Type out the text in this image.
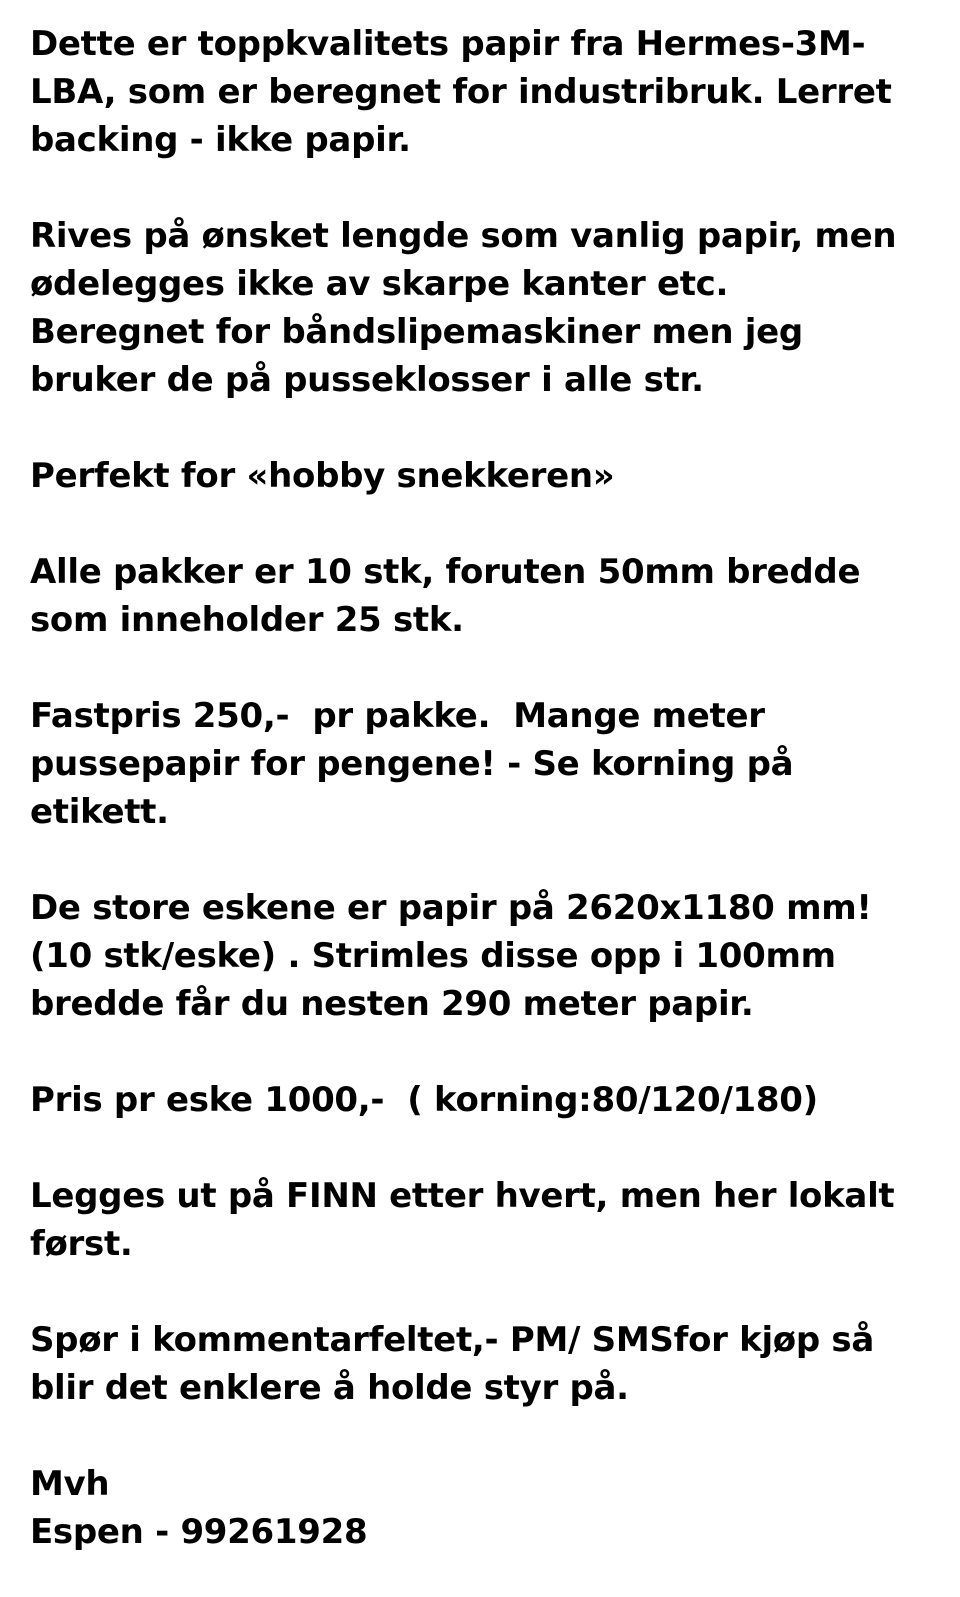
Dette er toppkvalitets papir fra Hermes-3M-
LBA, som er beregnet for industribruk. Lerret
backing - ikke papir.
Rives på ønsket lengde som vanlig papir, men
ødelegges ikke av skarpe kanter etc.
Beregnet for båndslipemaskiner men jeg
bruker de på pusseklosser i alle str.
Perfekt for «hobby snekkeren»
Alle pakker er 10 stk, foruten 50mm bredde
som inneholder 25 stk.
Fastpris 250,-  pr pakke.  Mange meter
pussepapir for pengene! - Se korning på
etikett.
De store eskene er papir på 2620x1180 mm!
(10 stk/eske) . Strimles disse opp i 100mm
bredde får du nesten 290 meter papir.
Pris pr eske 1000,-  ( korning:80/120/180)
Legges ut på FINN etter hvert, men her lokalt
først.
Spør i kommentarfeltet,- PM/ SMSfor kjøp så
blir det enklere å holde styr på.
Mvh
Espen - 99261928
